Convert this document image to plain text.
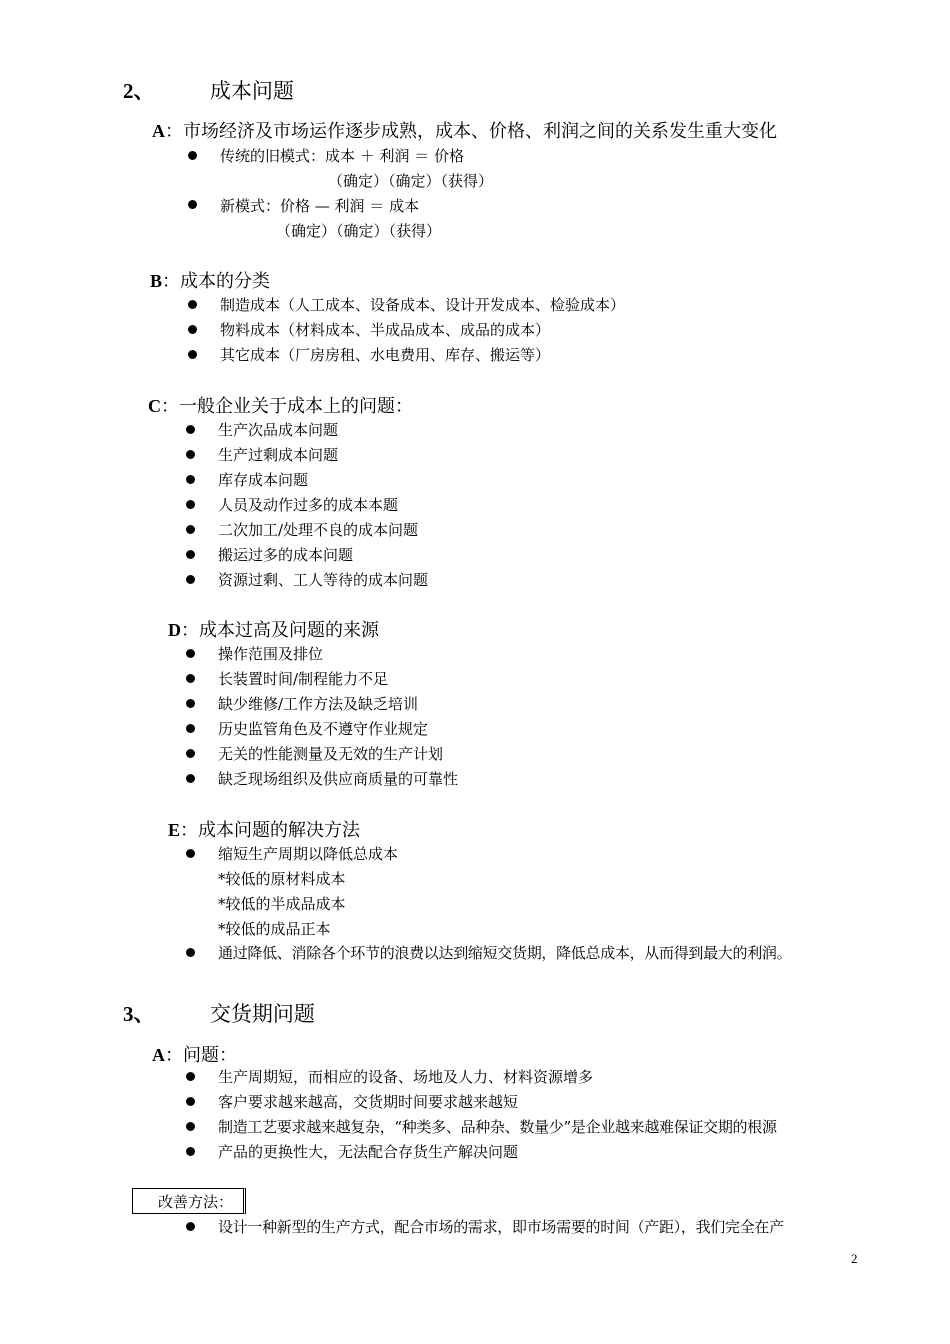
2、	成本问题
A：市场经济及市场运作逐步成熟，成本、价格、利润之间的关系发生重大变化
传统的旧模式：成本 ＋ 利润 ＝ 价格
（确定）（确定）（获得）
新模式：价格 — 利润 ＝ 成本
（确定）（确定）（获得）
B：成本的分类
制造成本（人工成本、设备成本、设计开发成本、检验成本）
物料成本（材料成本、半成品成本、成品的成本）
其它成本（厂房房租、水电费用、库存、搬运等）
C：一般企业关于成本上的问题：
生产次品成本问题
生产过剩成本问题
库存成本问题
人员及动作过多的成本本题
二次加工/处理不良的成本问题
搬运过多的成本问题
资源过剩、工人等待的成本问题
D：成本过高及问题的来源
操作范围及排位
长装置时间/制程能力不足
缺少维修/工作方法及缺乏培训
历史监管角色及不遵守作业规定
无关的性能测量及无效的生产计划
缺乏现场组织及供应商质量的可靠性
E：成本问题的解决方法
缩短生产周期以降低总成本
*较低的原材料成本
*较低的半成品成本
*较低的成品正本
通过降低、消除各个环节的浪费以达到缩短交货期，降低总成本，从而得到最大的利润。
3、	交货期问题
A：问题：
生产周期短，而相应的设备、场地及人力、材料资源增多
客户要求越来越高，交货期时间要求越来越短
制造工艺要求越来越复杂，“种类多、品种杂、数量少”是企业越来越难保证交期的根源
产品的更换性大，无法配合存货生产解决问题
改善方法：
设计一种新型的生产方式，配合市场的需求，即市场需要的时间（产距），我们完全在产
2
